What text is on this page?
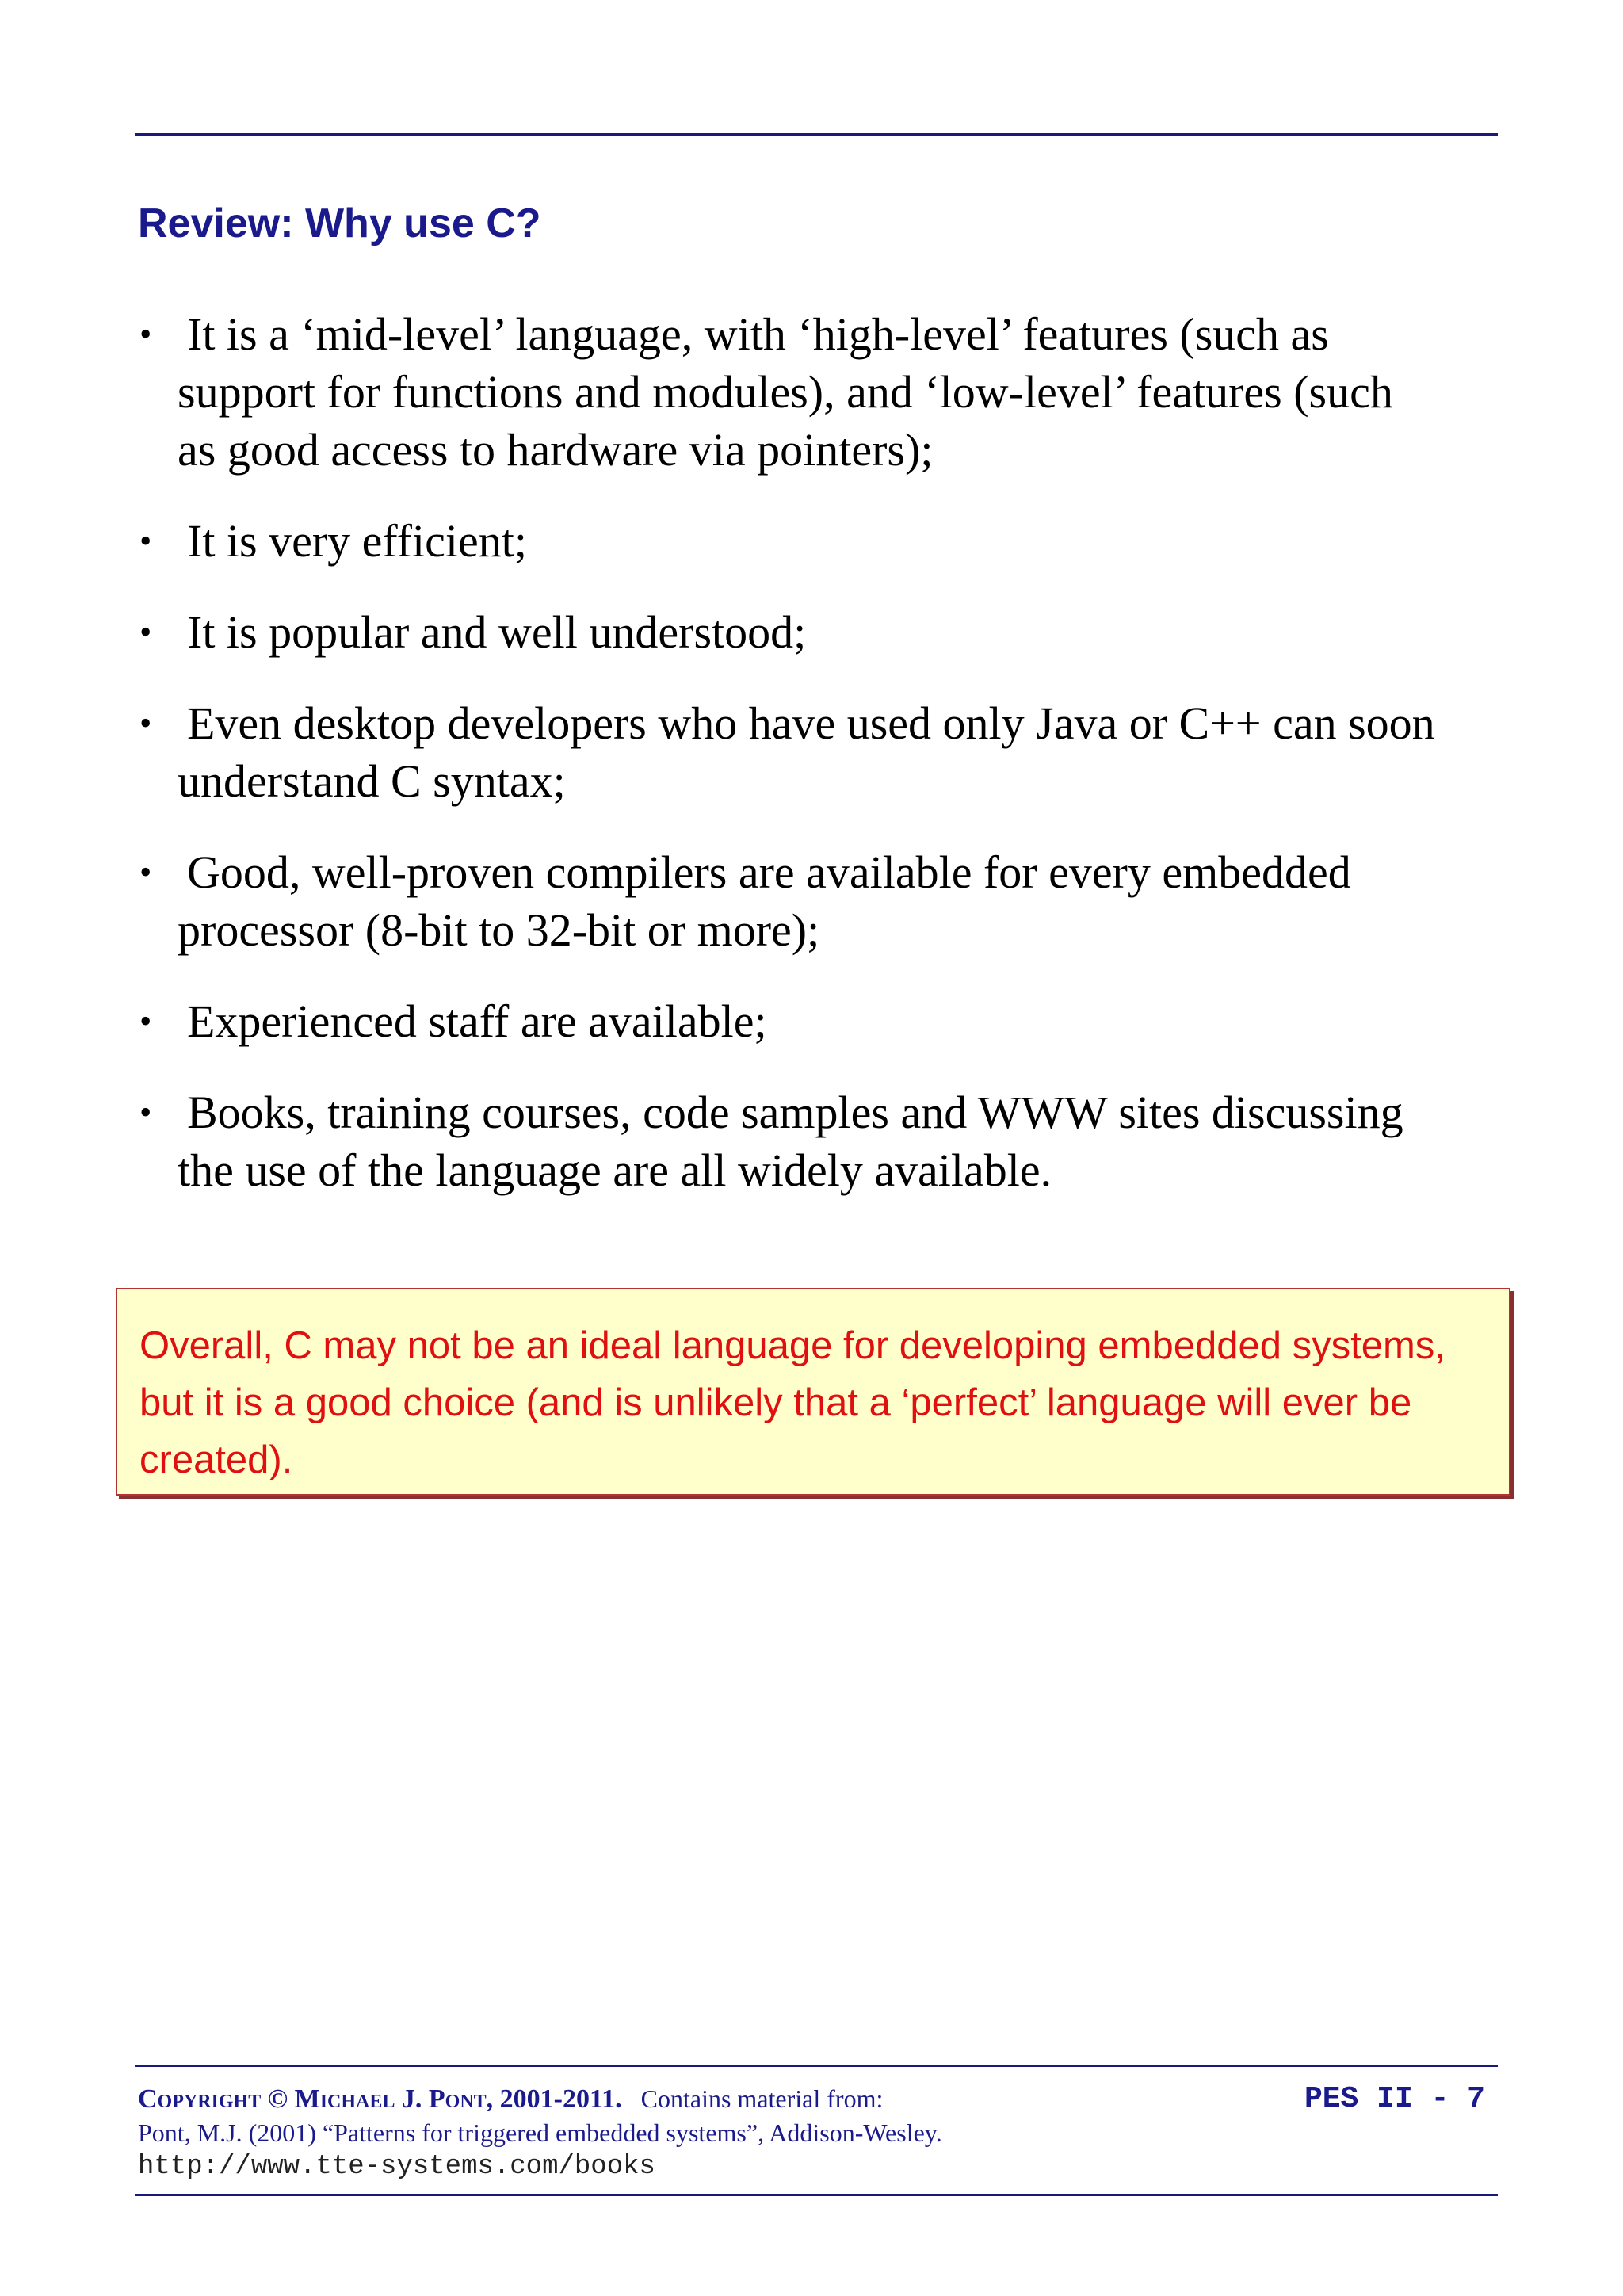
Review: Why use C?
• It is a ‘mid-level’ language, with ‘high-level’ features (such as support for functions and modules), and ‘low-level’ features (such as good access to hardware via pointers);
• It is very efficient;
• It is popular and well understood;
• Even desktop developers who have used only Java or C++ can soon understand C syntax;
• Good, well-proven compilers are available for every embedded processor (8-bit to 32-bit or more);
• Experienced staff are available;
• Books, training courses, code samples and WWW sites discussing the use of the language are all widely available.

Overall, C may not be an ideal language for developing embedded systems, but it is a good choice (and is unlikely that a ‘perfect’ language will ever be created).

Copyright © Michael J. Pont, 2001-2011. Contains material from:
Pont, M.J. (2001) “Patterns for triggered embedded systems”, Addison-Wesley.
http://www.tte-systems.com/books
PES II - 7
